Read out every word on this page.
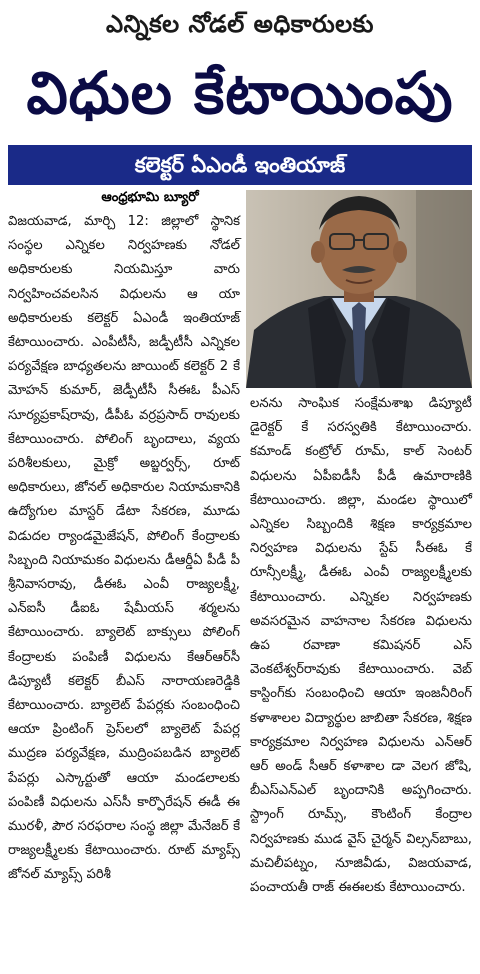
ఎన్నికల నోడల్ అధికారులకు
విధుల కేటాయింపు
కలెక్టర్ ఏఎండీ ఇంతియాజ్
ఆంధ్రభూమి బ్యూరో

విజయవాడ, మార్చి 12: జిల్లాలో స్థానిక సంస్థల ఎన్నికల నిర్వహణకు నోడల్ అధికారులకు నియమిస్తూ వారు నిర్వహించవలసిన విధులను ఆ యా అధికారులకు కలెక్టర్ ఏఎండీ ఇంతియాజ్ కేటాయించారు. ఎంపీటీసీ, జడ్పీటీసీ ఎన్నికల పర్యవేక్షణ బాధ్యతలను జాయింట్ కలెక్టర్ 2 కే మోహన్ కుమార్, జెడ్పీటీసీ సీఈఓ పీఎస్ సూర్యప్రకాష్‌రావు, డీపీఓ వర్రప్రసాద్ రావులకు కేటాయించారు. పోలింగ్ బృందాలు, వ్యయ పరిశీలకులు, మైక్రో అబ్జర్వర్స్, రూట్ అధికారులు, జోనల్ అధికారుల నియామకానికి ఉద్యోగుల మాస్టర్ డేటా సేకరణ, మూడు విడుదల ర్యాండమైజేషన్, పోలింగ్ కేంద్రాలకు సిబ్బంది నియామకం విధులను డీఆర్డీఏ పీడీ పీ శ్రీనివాసరావు, డీఈఓ ఎంవీ రాజ్యలక్ష్మీ, ఎన్ఐసీ డీఐఓ షేమీయస్ శర్మలను కేటాయించారు. బ్యాలెట్ బాక్సులు పోలింగ్ కేంద్రాలకు పంపిణీ విధులను కేఆర్ఆర్‌సీ డిప్యూటీ కలెక్టర్ బీఎస్ నారాయణరెడ్డికి కేటాయించారు. బ్యాలెట్ పేపర్లకు సంబంధించి ఆయా ప్రింటింగ్ ప్రెస్‌లలో బ్యాలెట్ పేపర్ల ముద్రణ పర్యవేక్షణ, ముద్రింపబడిన బ్యాలెట్ పేపర్లు ఎస్కార్టుతో ఆయా మండలాలకు పంపిణీ విధులను ఎస్‌సీ కార్పొరేషన్ ఈడీ ఈ మురళీ, పౌర సరఫరాల సంస్థ జిల్లా మేనేజర్ కే రాజ్యలక్ష్మీలకు కేటాయించారు. రూట్ మ్యాప్స్ జోనల్ మ్యాప్స్ పరిశీ

లనను సాంఘిక సంక్షేమశాఖ డిప్యూటీ డైరెక్టర్ కే సరస్వతికి కేటాయించారు. కమాండ్ కంట్రోల్ రూమ్, కాల్ సెంటర్ విధులను ఏపీఐడీసీ పీడీ ఉమారాణికి కేటాయించారు. జిల్లా, మండల స్థాయిలో ఎన్నికల సిబ్బందికి శిక్షణ కార్యక్రమాల నిర్వహణ విధులను స్టేప్ సీఈఓ కే రూన్సీలక్ష్మీ, డీఈఓ ఎంవీ రాజ్యలక్ష్మీలకు కేటాయించారు. ఎన్నికల నిర్వహణకు అవసరమైన వాహనాల సేకరణ విధులను ఉప రవాణా కమిషనర్ ఎస్ వెంకటేశ్వర్‌రావుకు కేటాయించారు. వెబ్ కాస్టింగ్‌కు సంబంధించి ఆయా ఇంజనీరింగ్ కళాశాలల విద్యార్థుల జాబితా సేకరణ, శిక్షణ కార్యక్రమాల నిర్వహణ విధులను ఎన్ఆర్ ఆర్ అండ్ సీఆర్ కళాశాల డా వెలగ జోషి, బీఎస్ఎన్ఎల్ బృందానికి అప్పగించారు. స్ట్రాంగ్ రూమ్స్, కౌంటింగ్ కేంద్రాల నిర్వహణకు ముడ వైస్ చైర్మన్ విల్సన్‌బాబు, మచిలీపట్నం, నూజివీడు, విజయవాడ, పంచాయతీ రాజ్ ఈఈలకు కేటాయించారు.
